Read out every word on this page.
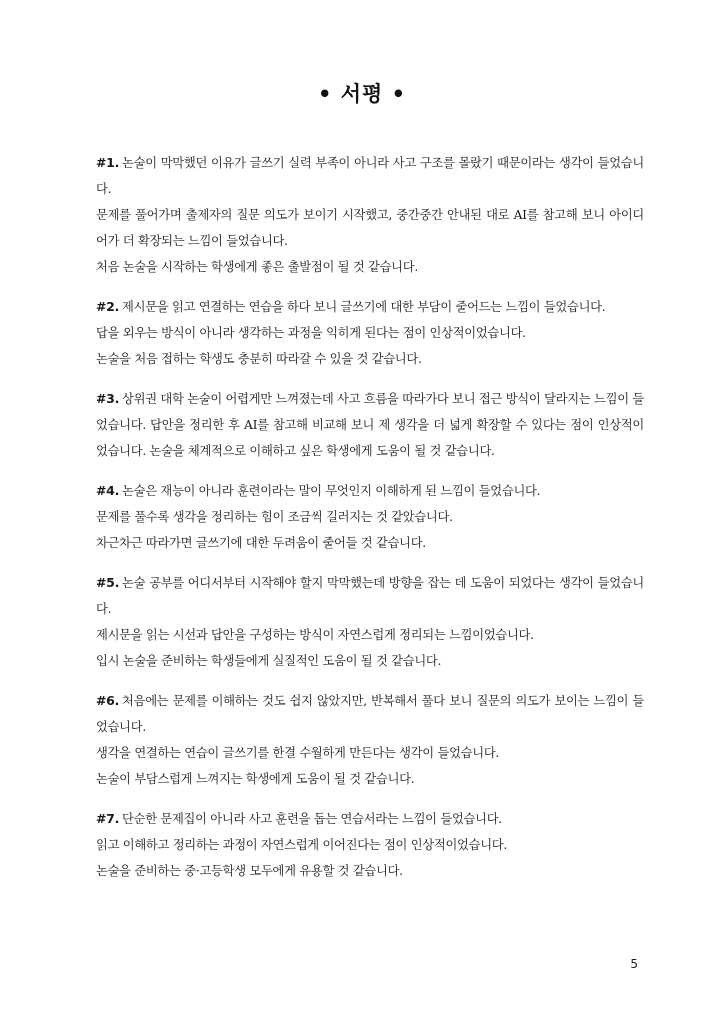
• 서평 •
#1. 논술이 막막했던 이유가 글쓰기 실력 부족이 아니라 사고 구조를 몰랐기 때문이라는 생각이 들었습니다.
문제를 풀어가며 출제자의 질문 의도가 보이기 시작했고, 중간중간 안내된 대로 AI를 참고해 보니 아이디어가 더 확장되는 느낌이 들었습니다.
처음 논술을 시작하는 학생에게 좋은 출발점이 될 것 같습니다.
#2. 제시문을 읽고 연결하는 연습을 하다 보니 글쓰기에 대한 부담이 줄어드는 느낌이 들었습니다.
답을 외우는 방식이 아니라 생각하는 과정을 익히게 된다는 점이 인상적이었습니다.
논술을 처음 접하는 학생도 충분히 따라갈 수 있을 것 같습니다.
#3. 상위권 대학 논술이 어렵게만 느껴졌는데 사고 흐름을 따라가다 보니 접근 방식이 달라지는 느낌이 들었습니다. 답안을 정리한 후 AI를 참고해 비교해 보니 제 생각을 더 넓게 확장할 수 있다는 점이 인상적이었습니다. 논술을 체계적으로 이해하고 싶은 학생에게 도움이 될 것 같습니다.
#4. 논술은 재능이 아니라 훈련이라는 말이 무엇인지 이해하게 된 느낌이 들었습니다.
문제를 풀수록 생각을 정리하는 힘이 조금씩 길러지는 것 같았습니다.
차근차근 따라가면 글쓰기에 대한 두려움이 줄어들 것 같습니다.
#5. 논술 공부를 어디서부터 시작해야 할지 막막했는데 방향을 잡는 데 도움이 되었다는 생각이 들었습니다.
제시문을 읽는 시선과 답안을 구성하는 방식이 자연스럽게 정리되는 느낌이었습니다.
입시 논술을 준비하는 학생들에게 실질적인 도움이 될 것 같습니다.
#6. 처음에는 문제를 이해하는 것도 쉽지 않았지만, 반복해서 풀다 보니 질문의 의도가 보이는 느낌이 들었습니다.
생각을 연결하는 연습이 글쓰기를 한결 수월하게 만든다는 생각이 들었습니다.
논술이 부담스럽게 느껴지는 학생에게 도움이 될 것 같습니다.
#7. 단순한 문제집이 아니라 사고 훈련을 돕는 연습서라는 느낌이 들었습니다.
읽고 이해하고 정리하는 과정이 자연스럽게 이어진다는 점이 인상적이었습니다.
논술을 준비하는 중·고등학생 모두에게 유용할 것 같습니다.
5
